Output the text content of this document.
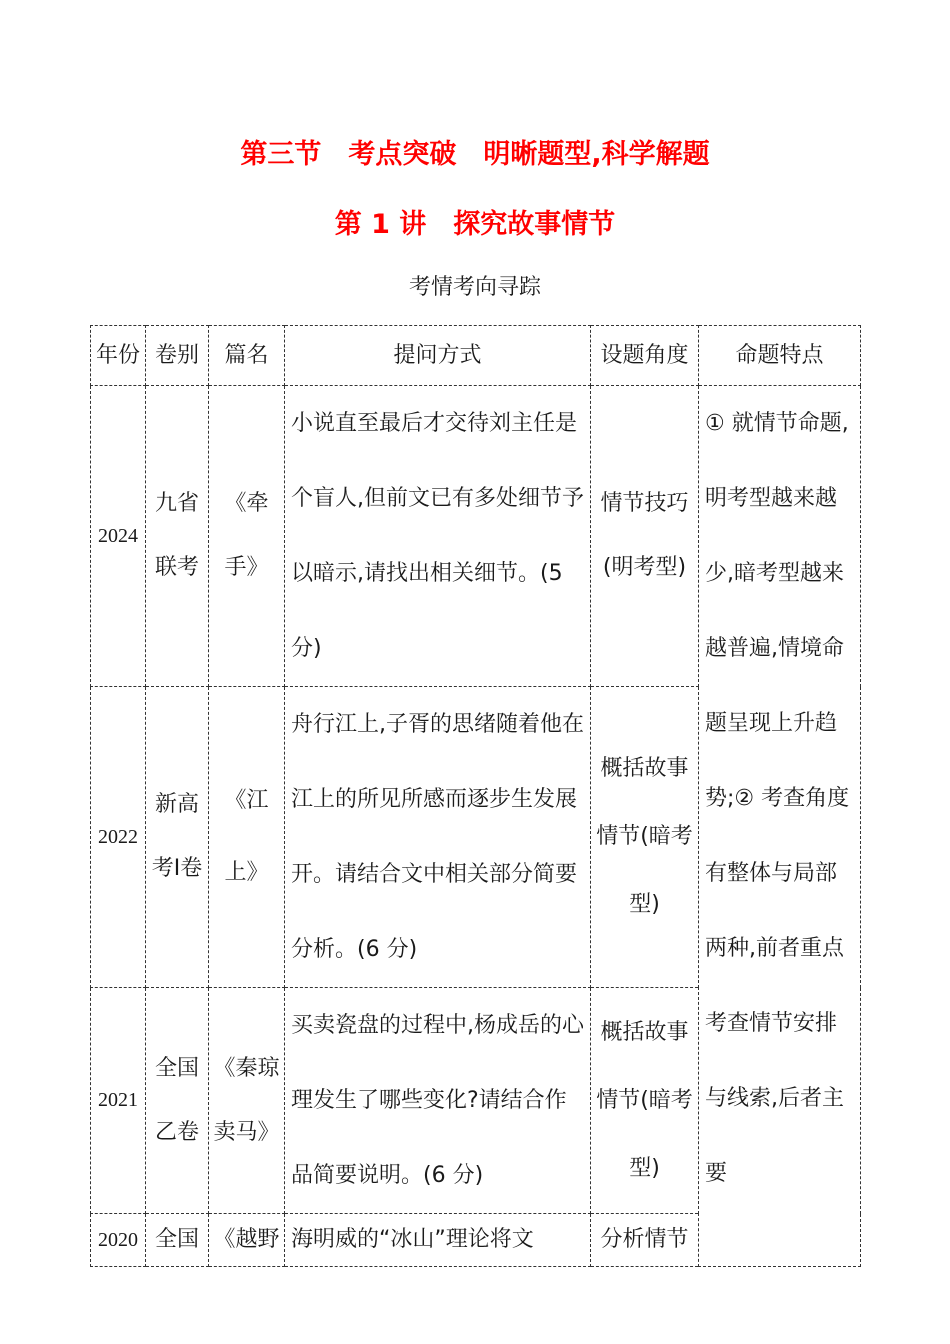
第三节　考点突破　明晰题型,科学解题
第 1 讲　探究故事情节
考情考向寻踪
年份	卷别	篇名	提问方式	设题角度	命题特点
2024	九省联考	《牵手》	小说直至最后才交待刘主任是个盲人,但前文已有多处细节予以暗示,请找出相关细节。(5 分)	情节技巧(明考型)	① 就情节命题,明考型越来越少,暗考型越来越普遍,情境命题呈现上升趋势;② 考查角度有整体与局部两种,前者重点考查情节安排与线索,后者主要
2022	新高考Ⅰ卷	《江上》	舟行江上,子胥的思绪随着他在江上的所见所感而逐步生发展开。请结合文中相关部分简要分析。(6 分)	概括故事情节(暗考型)	
2021	全国乙卷	《秦琼卖马》	买卖瓷盘的过程中,杨成岳的心理发生了哪些变化?请结合作品简要说明。(6 分)	概括故事情节(暗考型)	
2020	全国	《越野	海明威的“冰山”理论将文	分析情节	
